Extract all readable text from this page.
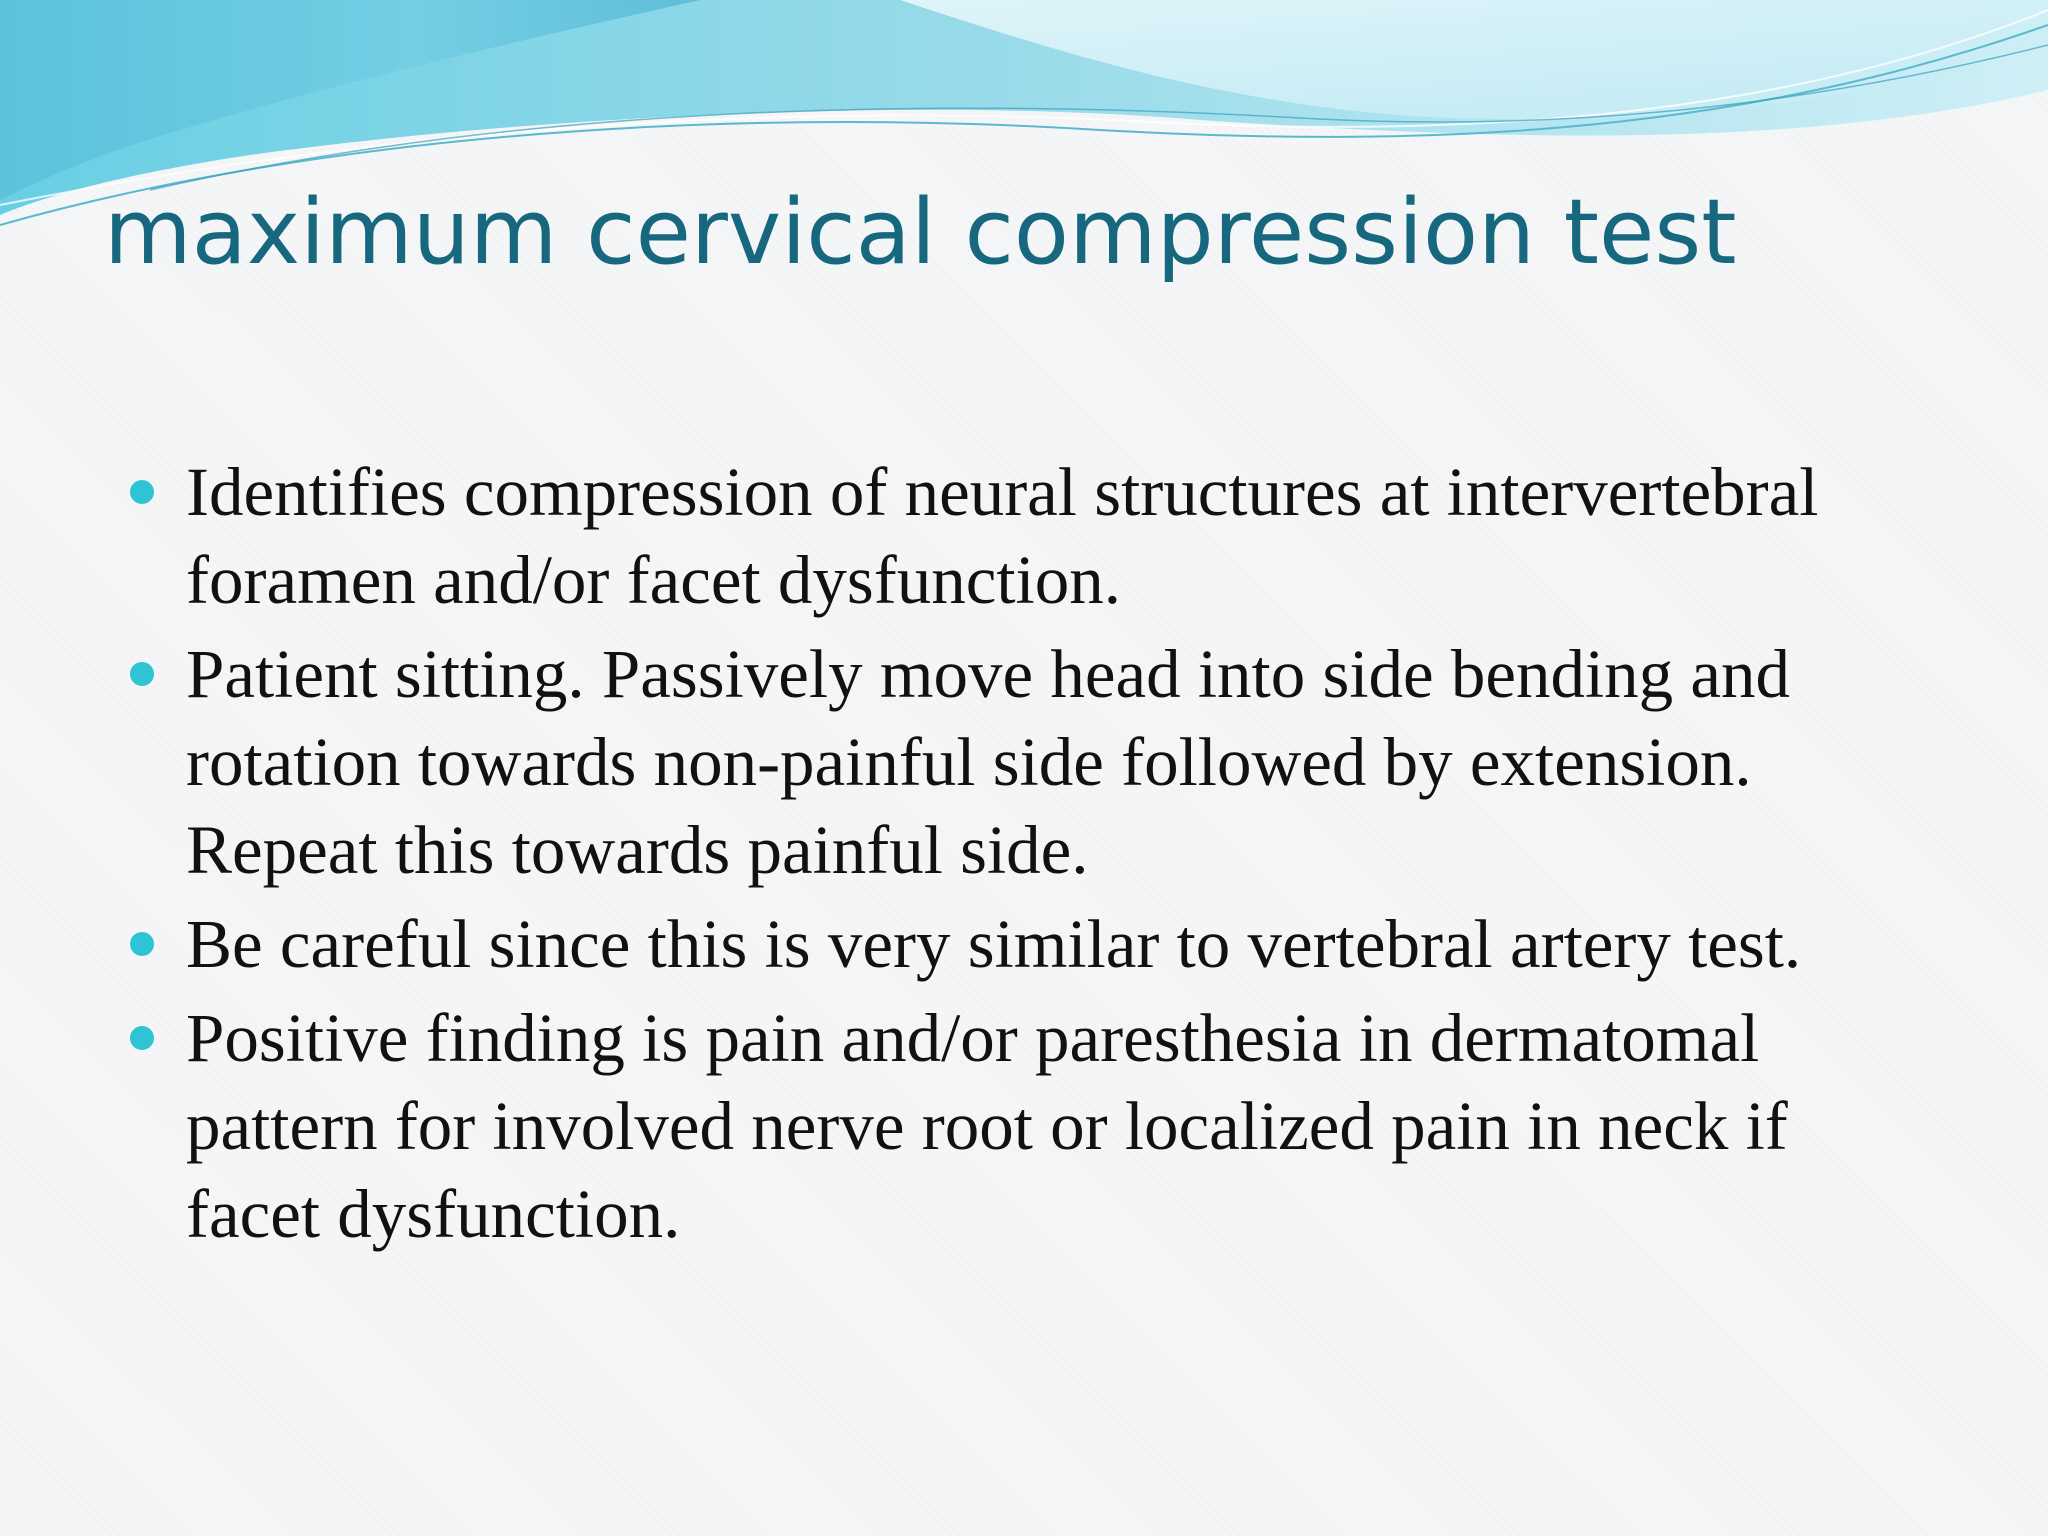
maximum cervical compression test
Identifies compression of neural structures at intervertebral foramen and/or facet dysfunction.
Patient sitting. Passively move head into side bending and rotation towards non-painful side followed by extension. Repeat this towards painful side.
Be careful since this is very similar to vertebral artery test.
Positive finding is pain and/or paresthesia in dermatomal pattern for involved nerve root or localized pain in neck if facet dysfunction.
